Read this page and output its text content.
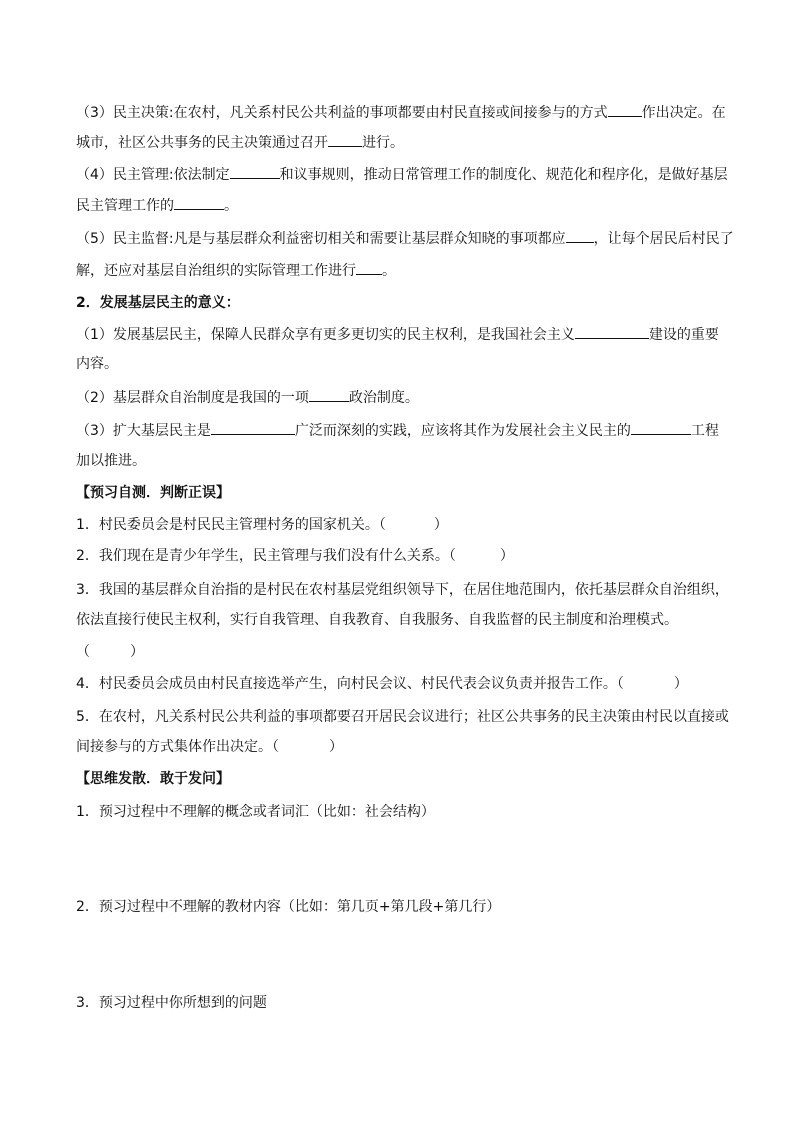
（3）民主决策:在农村，凡关系村民公共利益的事项都要由村民直接或间接参与的方式 作出决定。在
城市，社区公共事务的民主决策通过召开 进行。
（4）民主管理:依法制定	和议事规则，推动日常管理工作的制度化、规范化和程序化，是做好基层
民主管理工作的	。
（5）民主监督:凡是与基层群众利益密切相关和需要让基层群众知晓的事项都应 ，让每个居民后村民了
解，还应对基层自治组织的实际管理工作进行 。
2．发展基层民主的意义：
（1）发展基层民主，保障人民群众享有更多更切实的民主权利，是我国社会主义	建设的重要
内容。
（2）基层群众自治制度是我国的一项	政治制度。
（3）扩大基层民主是	广泛而深刻的实践，应该将其作为发展社会主义民主的	工程
加以推进。
【预习自测．判断正误】
1．村民委员会是村民民主管理村务的国家机关。（	）
2．我们现在是青少年学生，民主管理与我们没有什么关系。（	）
3．我国的基层群众自治指的是村民在农村基层党组织领导下，在居住地范围内，依托基层群众自治组织，
依法直接行使民主权利，实行自我管理、自我教育、自我服务、自我监督的民主制度和治理模式。
（	）
4．村民委员会成员由村民直接选举产生，向村民会议、村民代表会议负责并报告工作。（	）
5．在农村，凡关系村民公共利益的事项都要召开居民会议进行；社区公共事务的民主决策由村民以直接或
间接参与的方式集体作出决定。（	）
【思维发散．敢于发问】
1．预习过程中不理解的概念或者词汇（比如：社会结构）
2．预习过程中不理解的教材内容（比如：第几页+第几段+第几行）
3．预习过程中你所想到的问题
